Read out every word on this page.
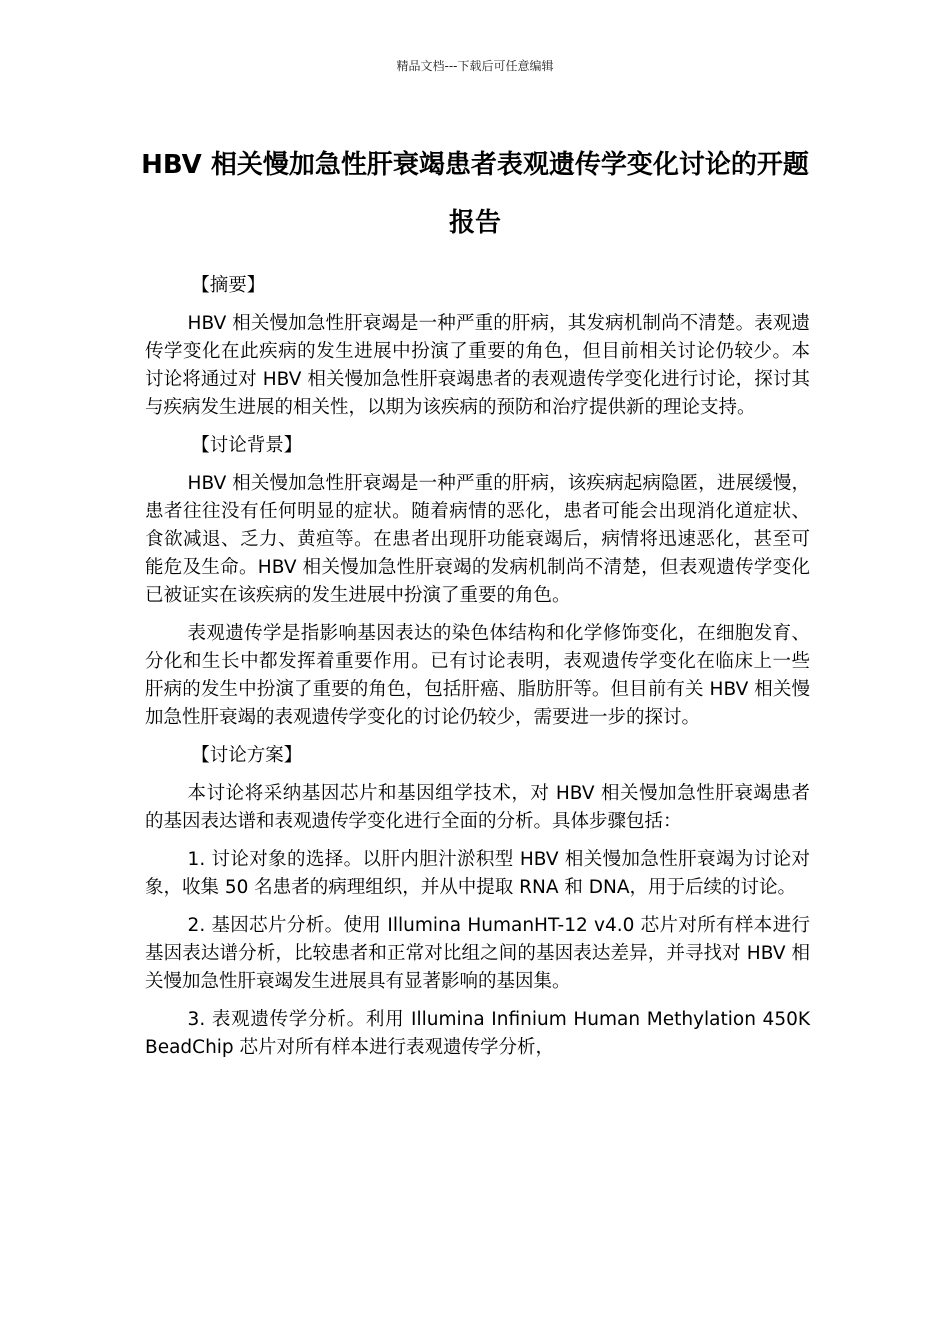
精品文档---下载后可任意编辑
HBV 相关慢加急性肝衰竭患者表观遗传学变化讨论的开题报告

【摘要】

HBV 相关慢加急性肝衰竭是一种严重的肝病，其发病机制尚不清楚。表观遗传学变化在此疾病的发生进展中扮演了重要的角色，但目前相关讨论仍较少。本讨论将通过对 HBV 相关慢加急性肝衰竭患者的表观遗传学变化进行讨论，探讨其与疾病发生进展的相关性，以期为该疾病的预防和治疗提供新的理论支持。

【讨论背景】

HBV 相关慢加急性肝衰竭是一种严重的肝病，该疾病起病隐匿，进展缓慢，患者往往没有任何明显的症状。随着病情的恶化，患者可能会出现消化道症状、食欲减退、乏力、黄疸等。在患者出现肝功能衰竭后，病情将迅速恶化，甚至可能危及生命。HBV 相关慢加急性肝衰竭的发病机制尚不清楚，但表观遗传学变化已被证实在该疾病的发生进展中扮演了重要的角色。

表观遗传学是指影响基因表达的染色体结构和化学修饰变化，在细胞发育、分化和生长中都发挥着重要作用。已有讨论表明，表观遗传学变化在临床上一些肝病的发生中扮演了重要的角色，包括肝癌、脂肪肝等。但目前有关 HBV 相关慢加急性肝衰竭的表观遗传学变化的讨论仍较少，需要进一步的探讨。

【讨论方案】

本讨论将采纳基因芯片和基因组学技术，对 HBV 相关慢加急性肝衰竭患者的基因表达谱和表观遗传学变化进行全面的分析。具体步骤包括：

1. 讨论对象的选择。以肝内胆汁淤积型 HBV 相关慢加急性肝衰竭为讨论对象，收集 50 名患者的病理组织，并从中提取 RNA 和 DNA，用于后续的讨论。

2. 基因芯片分析。使用 Illumina HumanHT-12 v4.0 芯片对所有样本进行基因表达谱分析，比较患者和正常对比组之间的基因表达差异，并寻找对 HBV 相关慢加急性肝衰竭发生进展具有显著影响的基因集。

3. 表观遗传学分析。利用 Illumina Infinium Human Methylation 450K BeadChip 芯片对所有样本进行表观遗传学分析，
